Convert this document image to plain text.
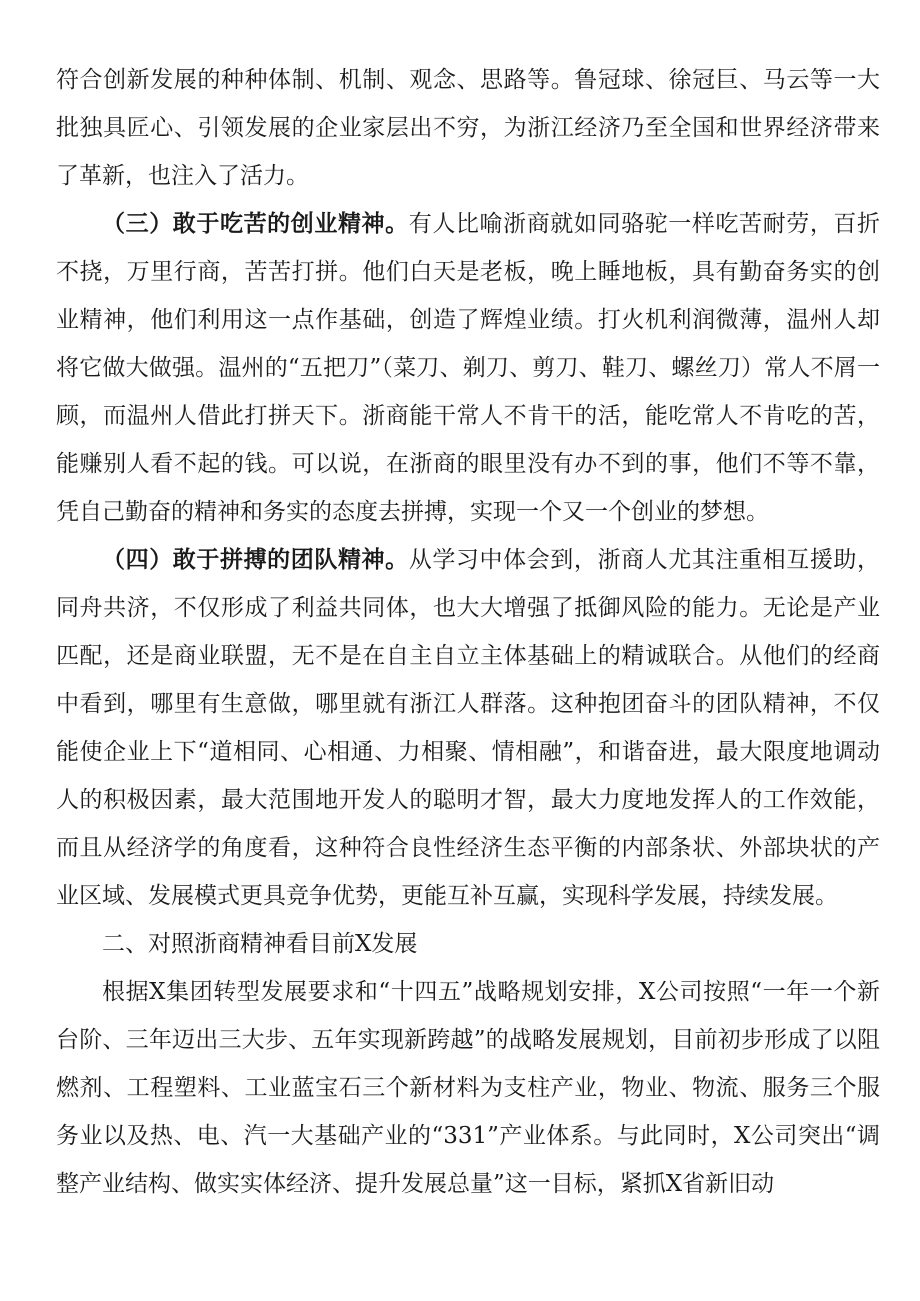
符合创新发展的种种体制、机制、观念、思路等。鲁冠球、徐冠巨、马云等一大批独具匠心、引领发展的企业家层出不穷，为浙江经济乃至全国和世界经济带来了革新，也注入了活力。

（三）敢于吃苦的创业精神。有人比喻浙商就如同骆驼一样吃苦耐劳，百折不挠，万里行商，苦苦打拼。他们白天是老板，晚上睡地板，具有勤奋务实的创业精神，他们利用这一点作基础，创造了辉煌业绩。打火机利润微薄，温州人却将它做大做强。温州的“五把刀”（菜刀、剃刀、剪刀、鞋刀、螺丝刀）常人不屑一顾，而温州人借此打拼天下。浙商能干常人不肯干的活，能吃常人不肯吃的苦，能赚别人看不起的钱。可以说，在浙商的眼里没有办不到的事，他们不等不靠，凭自己勤奋的精神和务实的态度去拼搏，实现一个又一个创业的梦想。

（四）敢于拼搏的团队精神。从学习中体会到，浙商人尤其注重相互援助，同舟共济，不仅形成了利益共同体，也大大增强了抵御风险的能力。无论是产业匹配，还是商业联盟，无不是在自主自立主体基础上的精诚联合。从他们的经商中看到，哪里有生意做，哪里就有浙江人群落。这种抱团奋斗的团队精神，不仅能使企业上下“道相同、心相通、力相聚、情相融”，和谐奋进，最大限度地调动人的积极因素，最大范围地开发人的聪明才智，最大力度地发挥人的工作效能，而且从经济学的角度看，这种符合良性经济生态平衡的内部条状、外部块状的产业区域、发展模式更具竞争优势，更能互补互赢，实现科学发展，持续发展。

二、对照浙商精神看目前X发展

根据X集团转型发展要求和“十四五”战略规划安排，X公司按照“一年一个新台阶、三年迈出三大步、五年实现新跨越”的战略发展规划，目前初步形成了以阻燃剂、工程塑料、工业蓝宝石三个新材料为支柱产业，物业、物流、服务三个服务业以及热、电、汽一大基础产业的“331”产业体系。与此同时，X公司突出“调整产业结构、做实实体经济、提升发展总量”这一目标，紧抓X省新旧动
